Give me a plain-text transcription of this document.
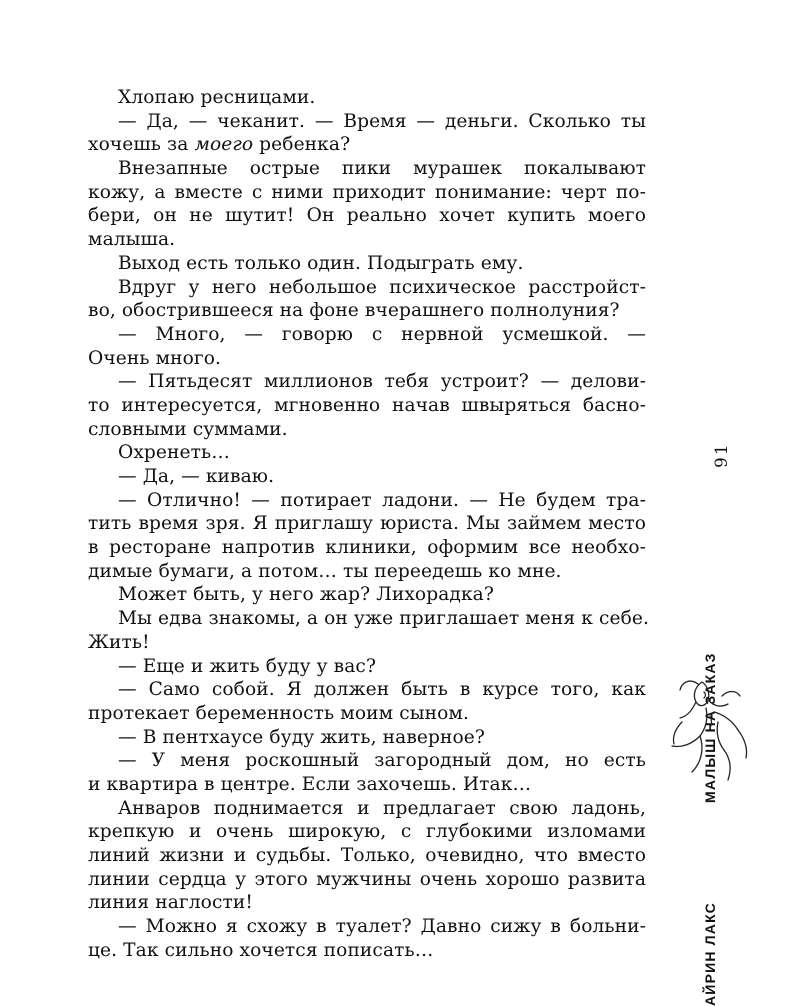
Хлопаю ресницами.
— Да, — чеканит. — Время — деньги. Сколько ты
хочешь за моего ребенка?
Внезапные острые пики мурашек покалывают
кожу, а вместе с ними приходит понимание: черт по-
бери, он не шутит! Он реально хочет купить моего
малыша.
Выход есть только один. Подыграть ему.
Вдруг у него небольшое психическое расстройст-
во, обострившееся на фоне вчерашнего полнолуния?
— Много, — говорю с нервной усмешкой. —
Очень много.
— Пятьдесят миллионов тебя устроит? — делови-
то интересуется, мгновенно начав швыряться басно-
словными суммами.
Охренеть…
— Да, — киваю.
— Отлично! — потирает ладони. — Не будем тра-
тить время зря. Я приглашу юриста. Мы займем место
в ресторане напротив клиники, оформим все необхо-
димые бумаги, а потом… ты переедешь ко мне.
Может быть, у него жар? Лихорадка?
Мы едва знакомы, а он уже приглашает меня к себе.
Жить!
— Еще и жить буду у вас?
— Само собой. Я должен быть в курсе того, как
протекает беременность моим сыном.
— В пентхаусе буду жить, наверное?
— У меня роскошный загородный дом, но есть
и квартира в центре. Если захочешь. Итак…
Анваров поднимается и предлагает свою ладонь,
крепкую и очень широкую, с глубокими изломами
линий жизни и судьбы. Только, очевидно, что вместо
линии сердца у этого мужчины очень хорошо развита
линия наглости!
— Можно я схожу в туалет? Давно сижу в больни-
це. Так сильно хочется пописать…
91
МАЛЫШ НА ЗАКАЗ
АЙРИН ЛАКС
